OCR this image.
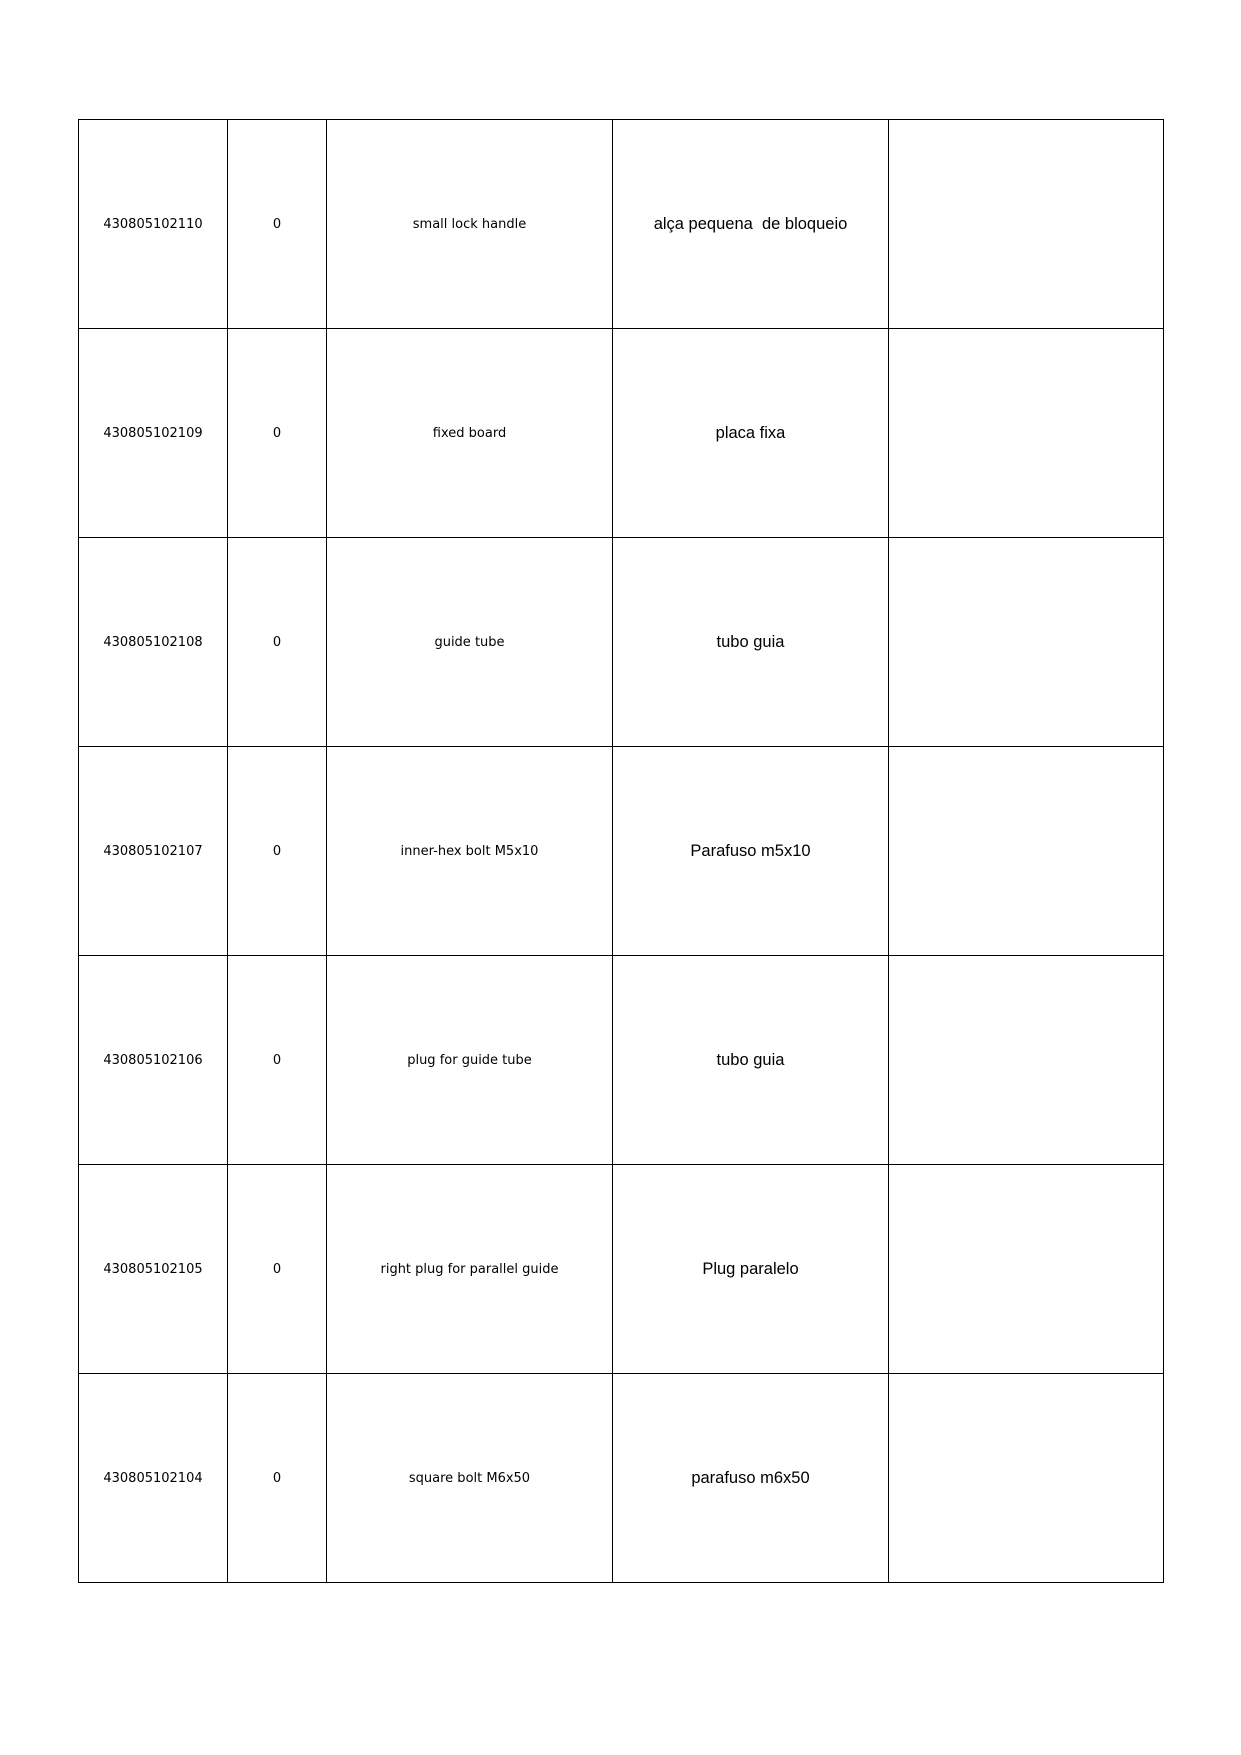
430805102110	0	small lock handle	alça pequena  de bloqueio	
430805102109	0	fixed board	placa fixa	
430805102108	0	guide tube	tubo guia	
430805102107	0	inner-hex bolt M5x10	Parafuso m5x10	
430805102106	0	plug for guide tube	tubo guia	
430805102105	0	right plug for parallel guide	Plug paralelo	
430805102104	0	square bolt M6x50	parafuso m6x50	
